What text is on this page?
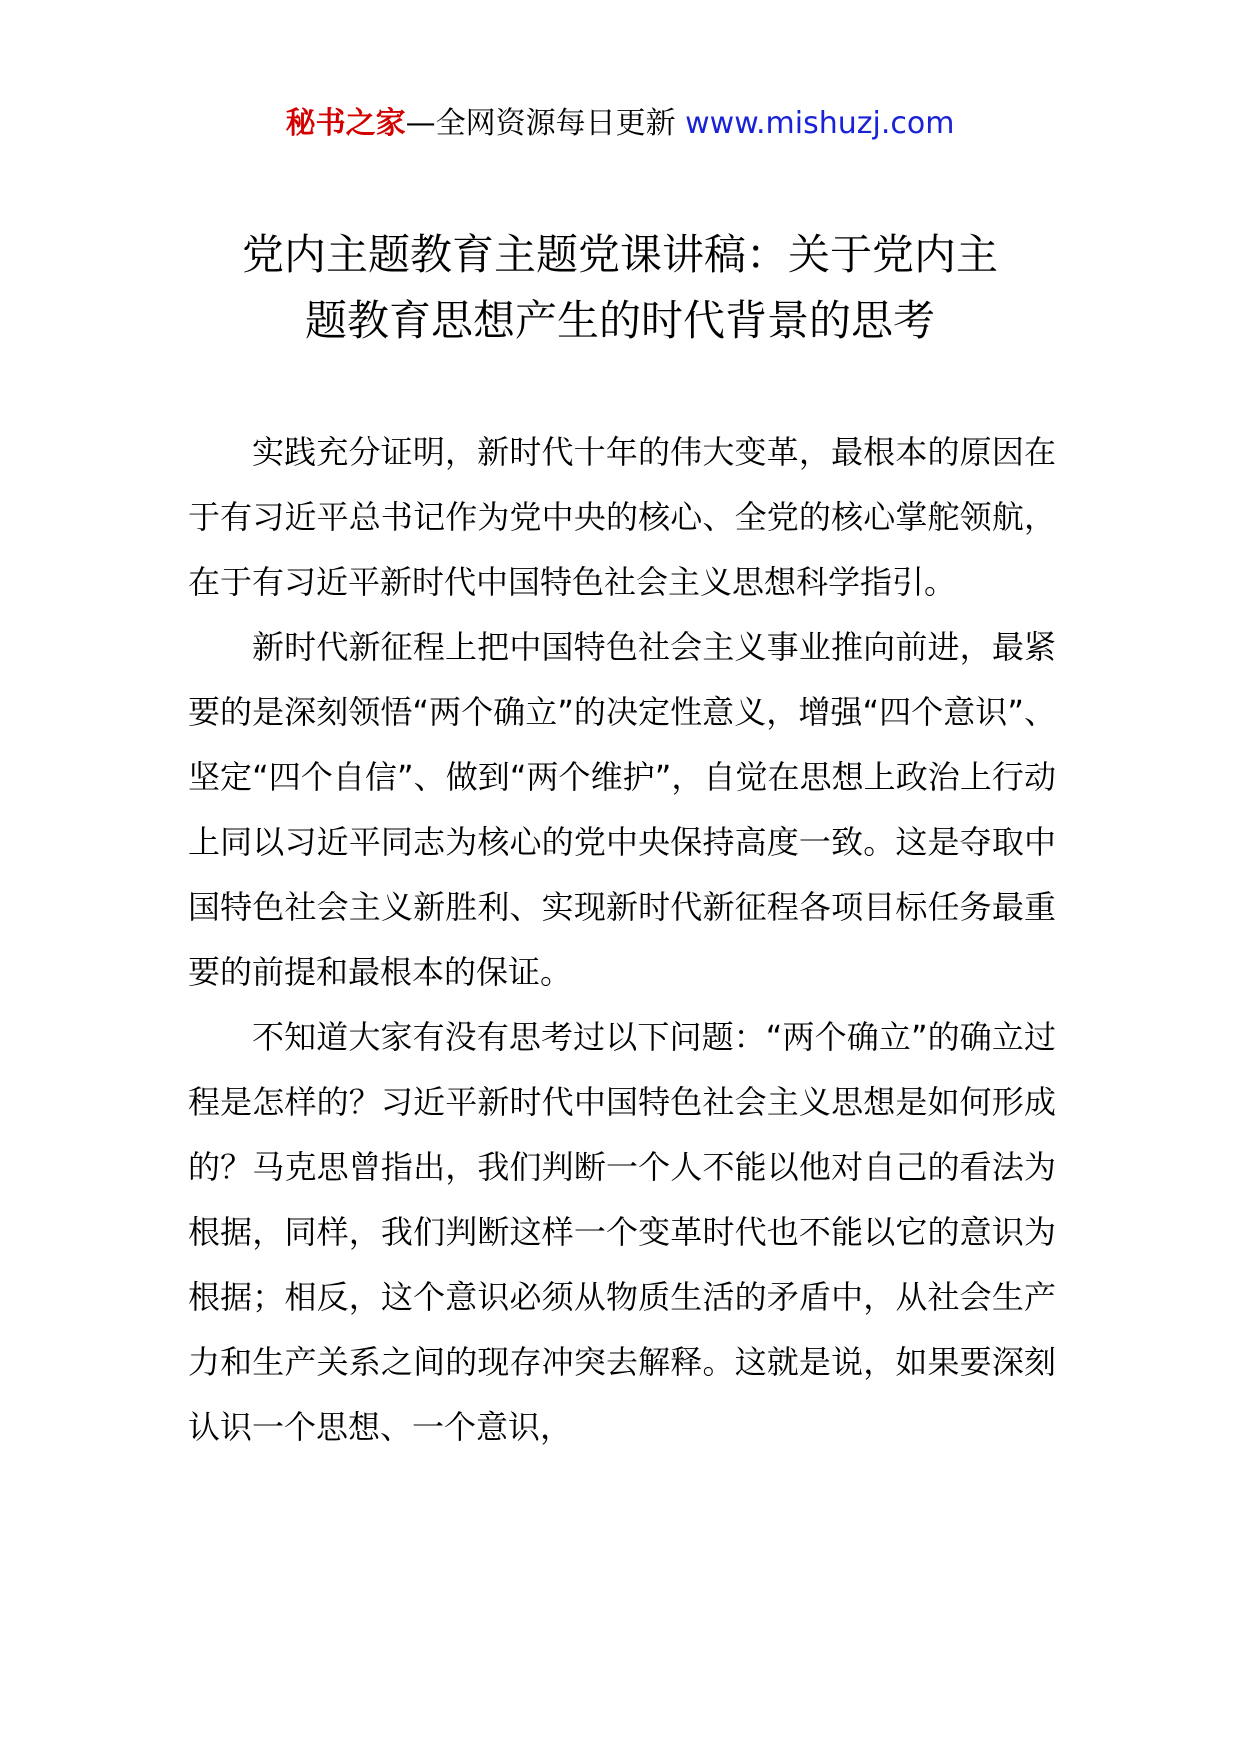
秘书之家—全网资源每日更新 www.mishuzj.com
党内主题教育主题党课讲稿：关于党内主
题教育思想产生的时代背景的思考

实践充分证明，新时代十年的伟大变革，最根本的原因在于有习近平总书记作为党中央的核心、全党的核心掌舵领航，在于有习近平新时代中国特色社会主义思想科学指引。

新时代新征程上把中国特色社会主义事业推向前进，最紧要的是深刻领悟“两个确立”的决定性意义，增强“四个意识”、坚定“四个自信”、做到“两个维护”，自觉在思想上政治上行动上同以习近平同志为核心的党中央保持高度一致。这是夺取中国特色社会主义新胜利、实现新时代新征程各项目标任务最重要的前提和最根本的保证。

不知道大家有没有思考过以下问题：“两个确立”的确立过程是怎样的？习近平新时代中国特色社会主义思想是如何形成的？马克思曾指出，我们判断一个人不能以他对自己的看法为根据，同样，我们判断这样一个变革时代也不能以它的意识为根据；相反，这个意识必须从物质生活的矛盾中，从社会生产力和生产关系之间的现存冲突去解释。这就是说，如果要深刻认识一个思想、一个意识，
